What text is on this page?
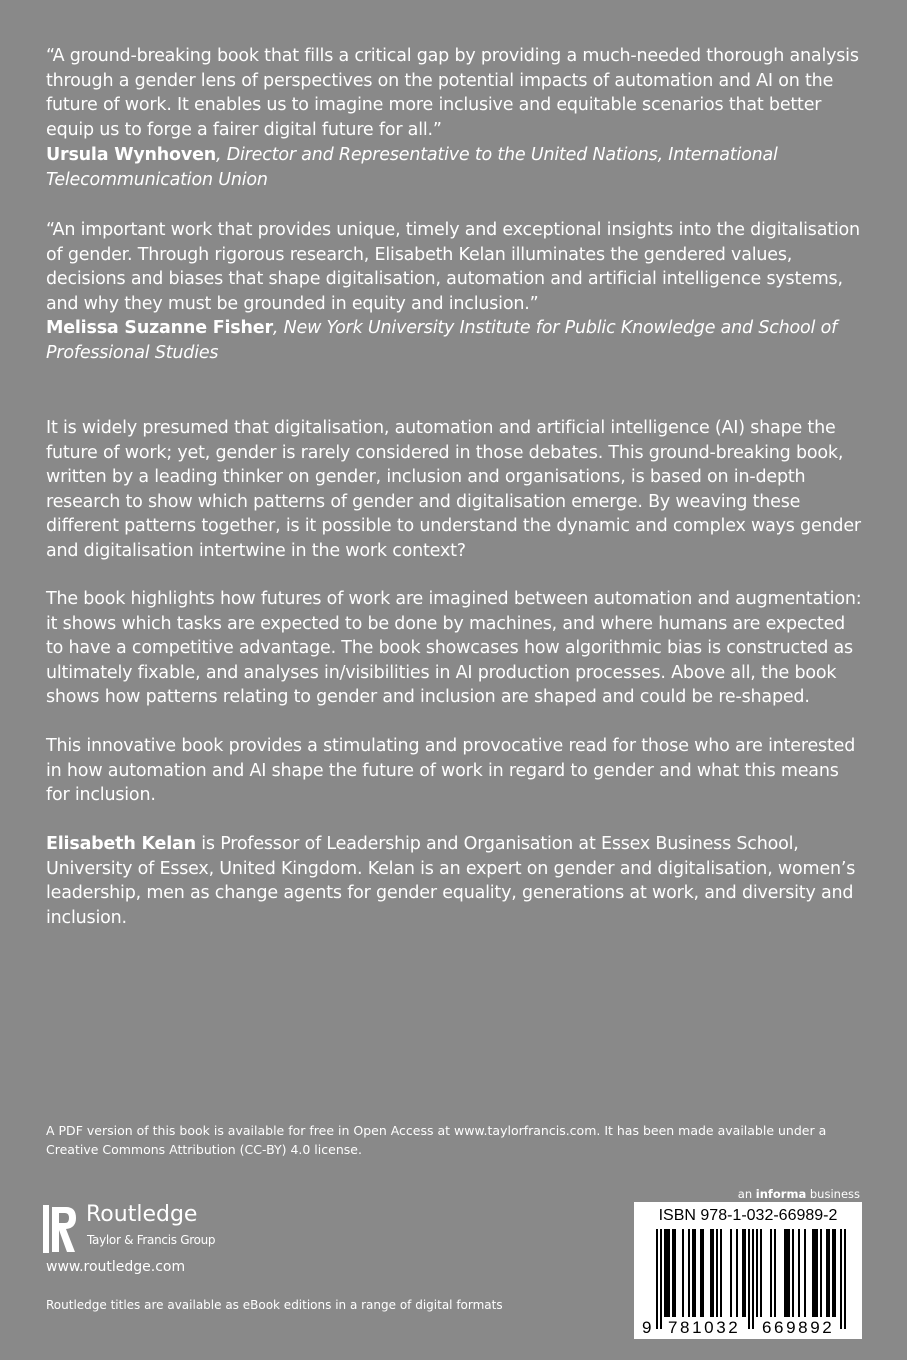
“A ground-breaking book that fills a critical gap by providing a much-needed thorough analysis through a gender lens of perspectives on the potential impacts of automation and AI on the future of work. It enables us to imagine more inclusive and equitable scenarios that better equip us to forge a fairer digital future for all.”

Ursula Wynhoven, Director and Representative to the United Nations, International Telecommunication Union

“An important work that provides unique, timely and exceptional insights into the digitalisation of gender. Through rigorous research, Elisabeth Kelan illuminates the gendered values, decisions and biases that shape digitalisation, automation and artificial intelligence systems, and why they must be grounded in equity and inclusion.”

Melissa Suzanne Fisher, New York University Institute for Public Knowledge and School of Professional Studies

It is widely presumed that digitalisation, automation and artificial intelligence (AI) shape the future of work; yet, gender is rarely considered in those debates. This ground-breaking book, written by a leading thinker on gender, inclusion and organisations, is based on in-depth research to show which patterns of gender and digitalisation emerge. By weaving these different patterns together, is it possible to understand the dynamic and complex ways gender and digitalisation intertwine in the work context?

The book highlights how futures of work are imagined between automation and augmentation: it shows which tasks are expected to be done by machines, and where humans are expected to have a competitive advantage. The book showcases how algorithmic bias is constructed as ultimately fixable, and analyses in/visibilities in AI production processes. Above all, the book shows how patterns relating to gender and inclusion are shaped and could be re-shaped.

This innovative book provides a stimulating and provocative read for those who are interested in how automation and AI shape the future of work in regard to gender and what this means for inclusion.

Elisabeth Kelan is Professor of Leadership and Organisation at Essex Business School, University of Essex, United Kingdom. Kelan is an expert on gender and digitalisation, women’s leadership, men as change agents for gender equality, generations at work, and diversity and inclusion.

A PDF version of this book is available for free in Open Access at www.taylorfrancis.com. It has been made available under a Creative Commons Attribution (CC-BY) 4.0 license.
Routledge
Taylor & Francis Group
www.routledge.com
Routledge titles are available as eBook editions in a range of digital formats
an informa business
ISBN 978-1-032-66989-2
9 781032 669892
